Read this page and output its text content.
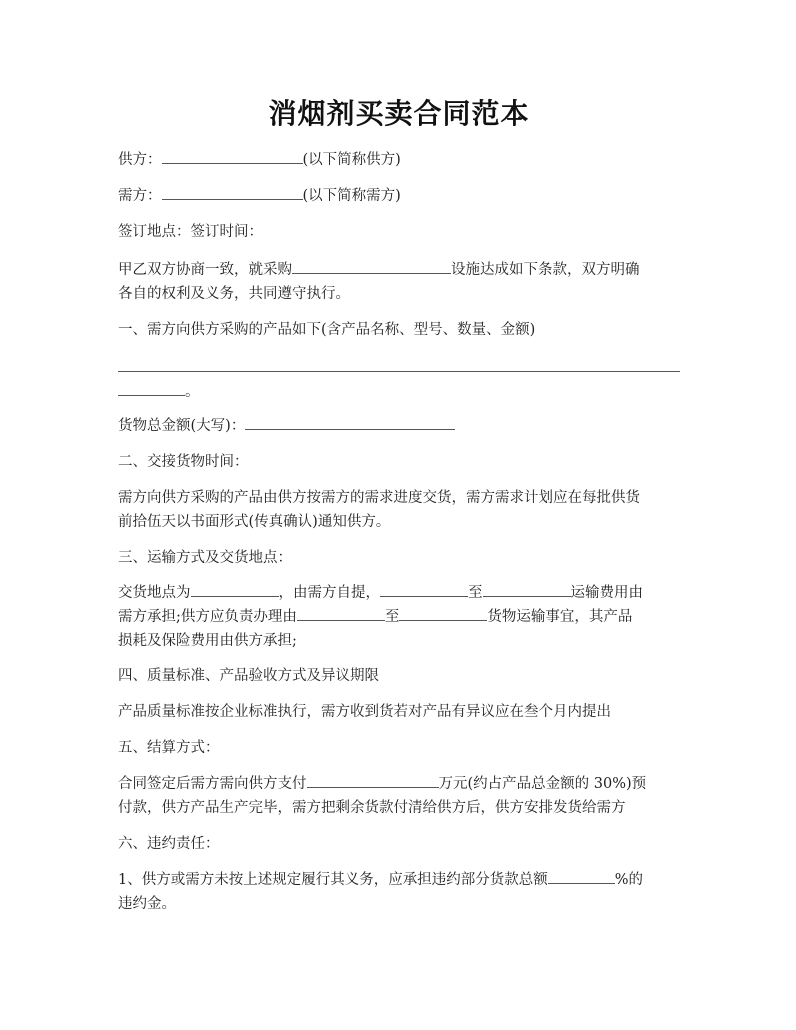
消烟剂买卖合同范本
供方：	(以下简称供方)
需方：	(以下简称需方)
签订地点：签订时间：
甲乙双方协商一致，就采购	设施达成如下条款，双方明确
各自的权利及义务，共同遵守执行。
一、需方向供方采购的产品如下(含产品名称、型号、数量、金额)
。
货物总金额(大写)：
二、交接货物时间：
需方向供方采购的产品由供方按需方的需求进度交货，需方需求计划应在每批供货
前拾伍天以书面形式(传真确认)通知供方。
三、运输方式及交货地点：
交货地点为	，由需方自提，	至	运输费用由
需方承担;供方应负责办理由	至	货物运输事宜，其产品
损耗及保险费用由供方承担;
四、质量标准、产品验收方式及异议期限
产品质量标准按企业标准执行，需方收到货若对产品有异议应在叁个月内提出
五、结算方式：
合同签定后需方需向供方支付	万元(约占产品总金额的 30%)预
付款，供方产品生产完毕，需方把剩余货款付清给供方后，供方安排发货给需方
六、违约责任：
1、供方或需方未按上述规定履行其义务，应承担违约部分货款总额	%的
违约金。
